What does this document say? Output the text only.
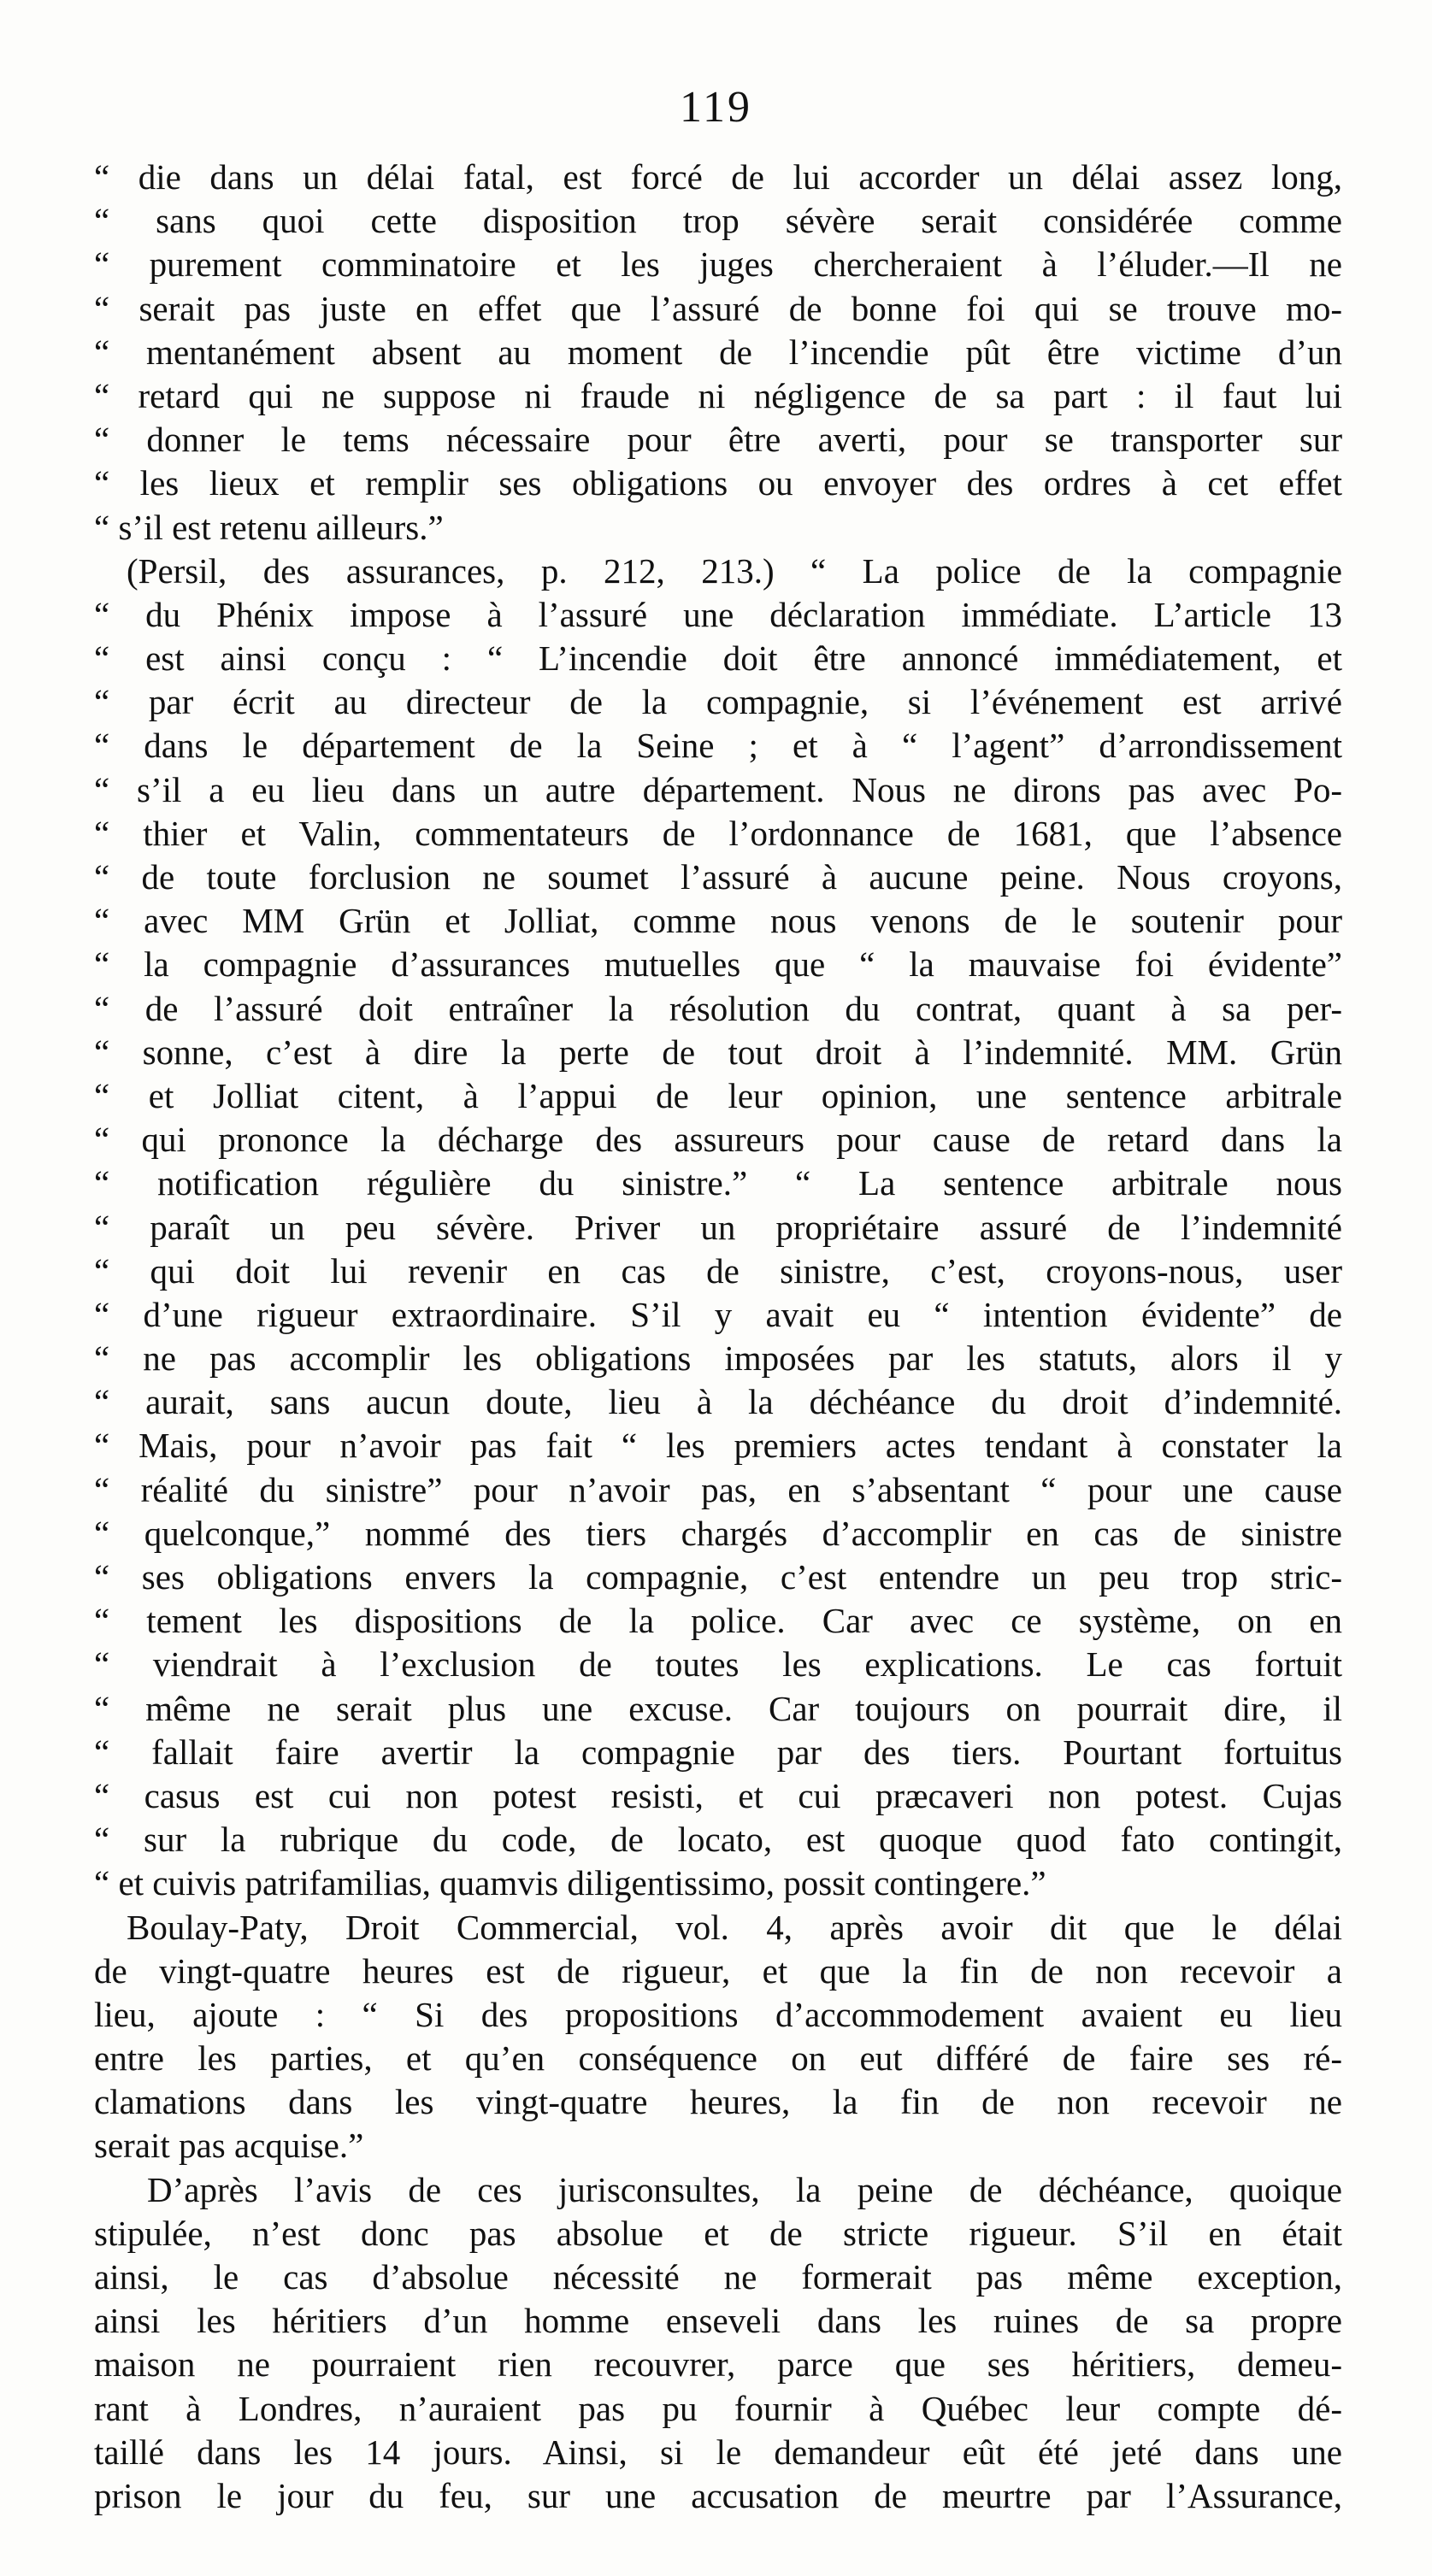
119
“ die dans un délai fatal, est forcé de lui accorder un délai assez long,
“ sans quoi cette disposition trop sévère serait considérée comme
“ purement comminatoire et les juges chercheraient à l’éluder.—Il ne
“ serait pas juste en effet que l’assuré de bonne foi qui se trouve mo-
“ mentanément absent au moment de l’incendie pût être victime d’un
“ retard qui ne suppose ni fraude ni négligence de sa part : il faut lui
“ donner le tems nécessaire pour être averti, pour se transporter sur
“ les lieux et remplir ses obligations ou envoyer des ordres à cet effet
“ s’il est retenu ailleurs.”
(Persil, des assurances, p. 212, 213.) “ La police de la compagnie
“ du Phénix impose à l’assuré une déclaration immédiate. L’article 13
“ est ainsi conçu : “ L’incendie doit être annoncé immédiatement, et
“ par écrit au directeur de la compagnie, si l’événement est arrivé
“ dans le département de la Seine ; et à “ l’agent” d’arrondissement
“ s’il a eu lieu dans un autre département. Nous ne dirons pas avec Po-
“ thier et Valin, commentateurs de l’ordonnance de 1681, que l’absence
“ de toute forclusion ne soumet l’assuré à aucune peine. Nous croyons,
“ avec MM Grün et Jolliat, comme nous venons de le soutenir pour
“ la compagnie d’assurances mutuelles que “ la mauvaise foi évidente”
“ de l’assuré doit entraîner la résolution du contrat, quant à sa per-
“ sonne, c’est à dire la perte de tout droit à l’indemnité. MM. Grün
“ et Jolliat citent, à l’appui de leur opinion, une sentence arbitrale
“ qui prononce la décharge des assureurs pour cause de retard dans la
“ notification régulière du sinistre.” “ La sentence arbitrale nous
“ paraît un peu sévère. Priver un propriétaire assuré de l’indemnité
“ qui doit lui revenir en cas de sinistre, c’est, croyons-nous, user
“ d’une rigueur extraordinaire. S’il y avait eu “ intention évidente” de
“ ne pas accomplir les obligations imposées par les statuts, alors il y
“ aurait, sans aucun doute, lieu à la déchéance du droit d’indemnité.
“ Mais, pour n’avoir pas fait “ les premiers actes tendant à constater la
“ réalité du sinistre” pour n’avoir pas, en s’absentant “ pour une cause
“ quelconque,” nommé des tiers chargés d’accomplir en cas de sinistre
“ ses obligations envers la compagnie, c’est entendre un peu trop stric-
“ tement les dispositions de la police. Car avec ce système, on en
“ viendrait à l’exclusion de toutes les explications. Le cas fortuit
“ même ne serait plus une excuse. Car toujours on pourrait dire, il
“ fallait faire avertir la compagnie par des tiers. Pourtant fortuitus
“ casus est cui non potest resisti, et cui præcaveri non potest. Cujas
“ sur la rubrique du code, de locato, est quoque quod fato contingit,
“ et cuivis patrifamilias, quamvis diligentissimo, possit contingere.”
Boulay-Paty, Droit Commercial, vol. 4, après avoir dit que le délai
de vingt-quatre heures est de rigueur, et que la fin de non recevoir a
lieu, ajoute : “ Si des propositions d’accommodement avaient eu lieu
entre les parties, et qu’en conséquence on eut différé de faire ses ré-
clamations dans les vingt-quatre heures, la fin de non recevoir ne
serait pas acquise.”
D’après l’avis de ces jurisconsultes, la peine de déchéance, quoique
stipulée, n’est donc pas absolue et de stricte rigueur. S’il en était
ainsi, le cas d’absolue nécessité ne formerait pas même exception,
ainsi les héritiers d’un homme enseveli dans les ruines de sa propre
maison ne pourraient rien recouvrer, parce que ses héritiers, demeu-
rant à Londres, n’auraient pas pu fournir à Québec leur compte dé-
taillé dans les 14 jours. Ainsi, si le demandeur eût été jeté dans une
prison le jour du feu, sur une accusation de meurtre par l’Assurance,
